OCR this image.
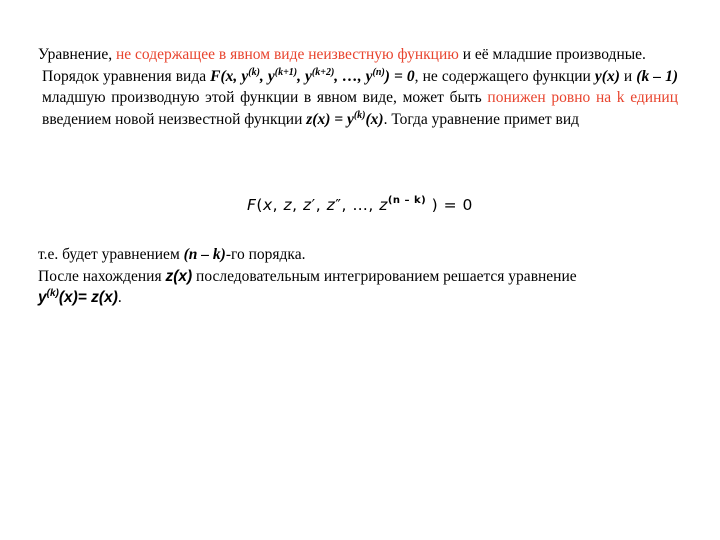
Уравнение, не содержащее в явном виде неизвестную функцию и её младшие производные.
Порядок уравнения вида F(x, $y^{(k)}$, $y^{(k+1)}$, $y^{(k+2)}$, …, $y^{(n)}) = 0$, не содержащего функции y(x) и (k – 1) младшую производную этой функции в явном виде, может быть понижен ровно на k единиц введением новой неизвестной функции $z(x) = y^{(k)}(x)$. Тогда уравнение примет вид
F(x, z, z′, z″, …, $z^{(n - k)}$ ) = 0
т.е. будет уравнением (n – k)-го порядка.
После нахождения z(x) последовательным интегрированием решается уравнение $y^{(k)}(x)= z(x)$.
